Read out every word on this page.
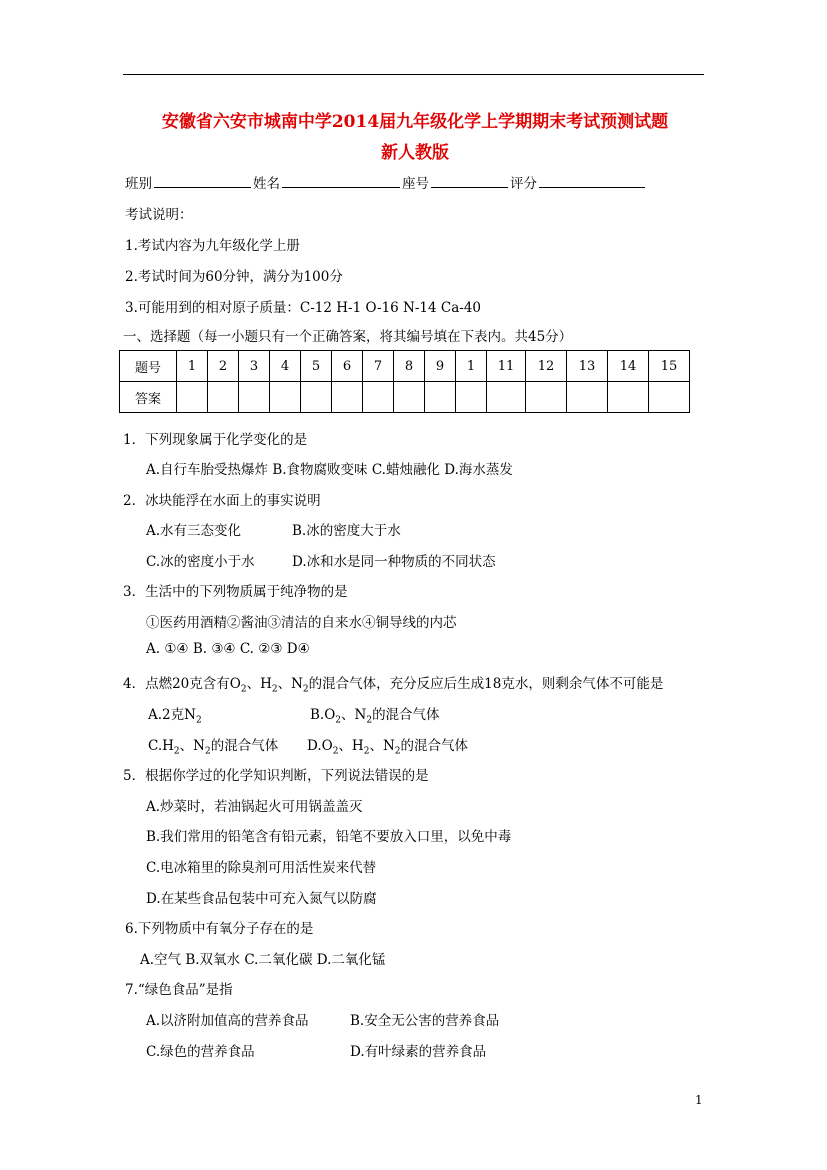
安徽省六安市城南中学2014届九年级化学上学期期末考试预测试题
新人教版
班别	姓名	座号	评分
考试说明：
1.考试内容为九年级化学上册
2.考试时间为60分钟，满分为100分
3.可能用到的相对原子质量：C-12 H-1 O-16 N-14 Ca-40
一、选择题（每一小题只有一个正确答案，将其编号填在下表内。共45分）
题号	1	2	3	4	5	6	7	8	9	1	11	12	13	14	15
答案															
1．下列现象属于化学变化的是
A.自行车胎受热爆炸 B.食物腐败变味 C.蜡烛融化 D.海水蒸发
2．冰块能浮在水面上的事实说明
A.水有三态变化	B.冰的密度大于水
C.冰的密度小于水	D.冰和水是同一种物质的不同状态
3．生活中的下列物质属于纯净物的是
①医药用酒精②酱油③清洁的自来水④铜导线的内芯
A. ①④ B. ③④ C. ②③ D④
4．点燃20克含有$O_2$、$H_2$、$N_2$的混合气体，充分反应后生成18克水，则剩余气体不可能是
A.2克$N_2$	$B.O_2$、$N_2$的混合气体
$C.H_2$、$N_2$的混合气体 $D.O_2$、$H_2$、$N_2$的混合气体
5．根据你学过的化学知识判断，下列说法错误的是
A.炒菜时，若油锅起火可用锅盖盖灭
B.我们常用的铅笔含有铅元素，铅笔不要放入口里，以免中毒
C.电冰箱里的除臭剂可用活性炭来代替
D.在某些食品包装中可充入氮气以防腐
6.下列物质中有氧分子存在的是
A.空气 B.双氧水 C.二氧化碳 D.二氧化锰
7.“绿色食品”是指
A.以济附加值高的营养食品	B.安全无公害的营养食品
C.绿色的营养食品	D.有叶绿素的营养食品
1
